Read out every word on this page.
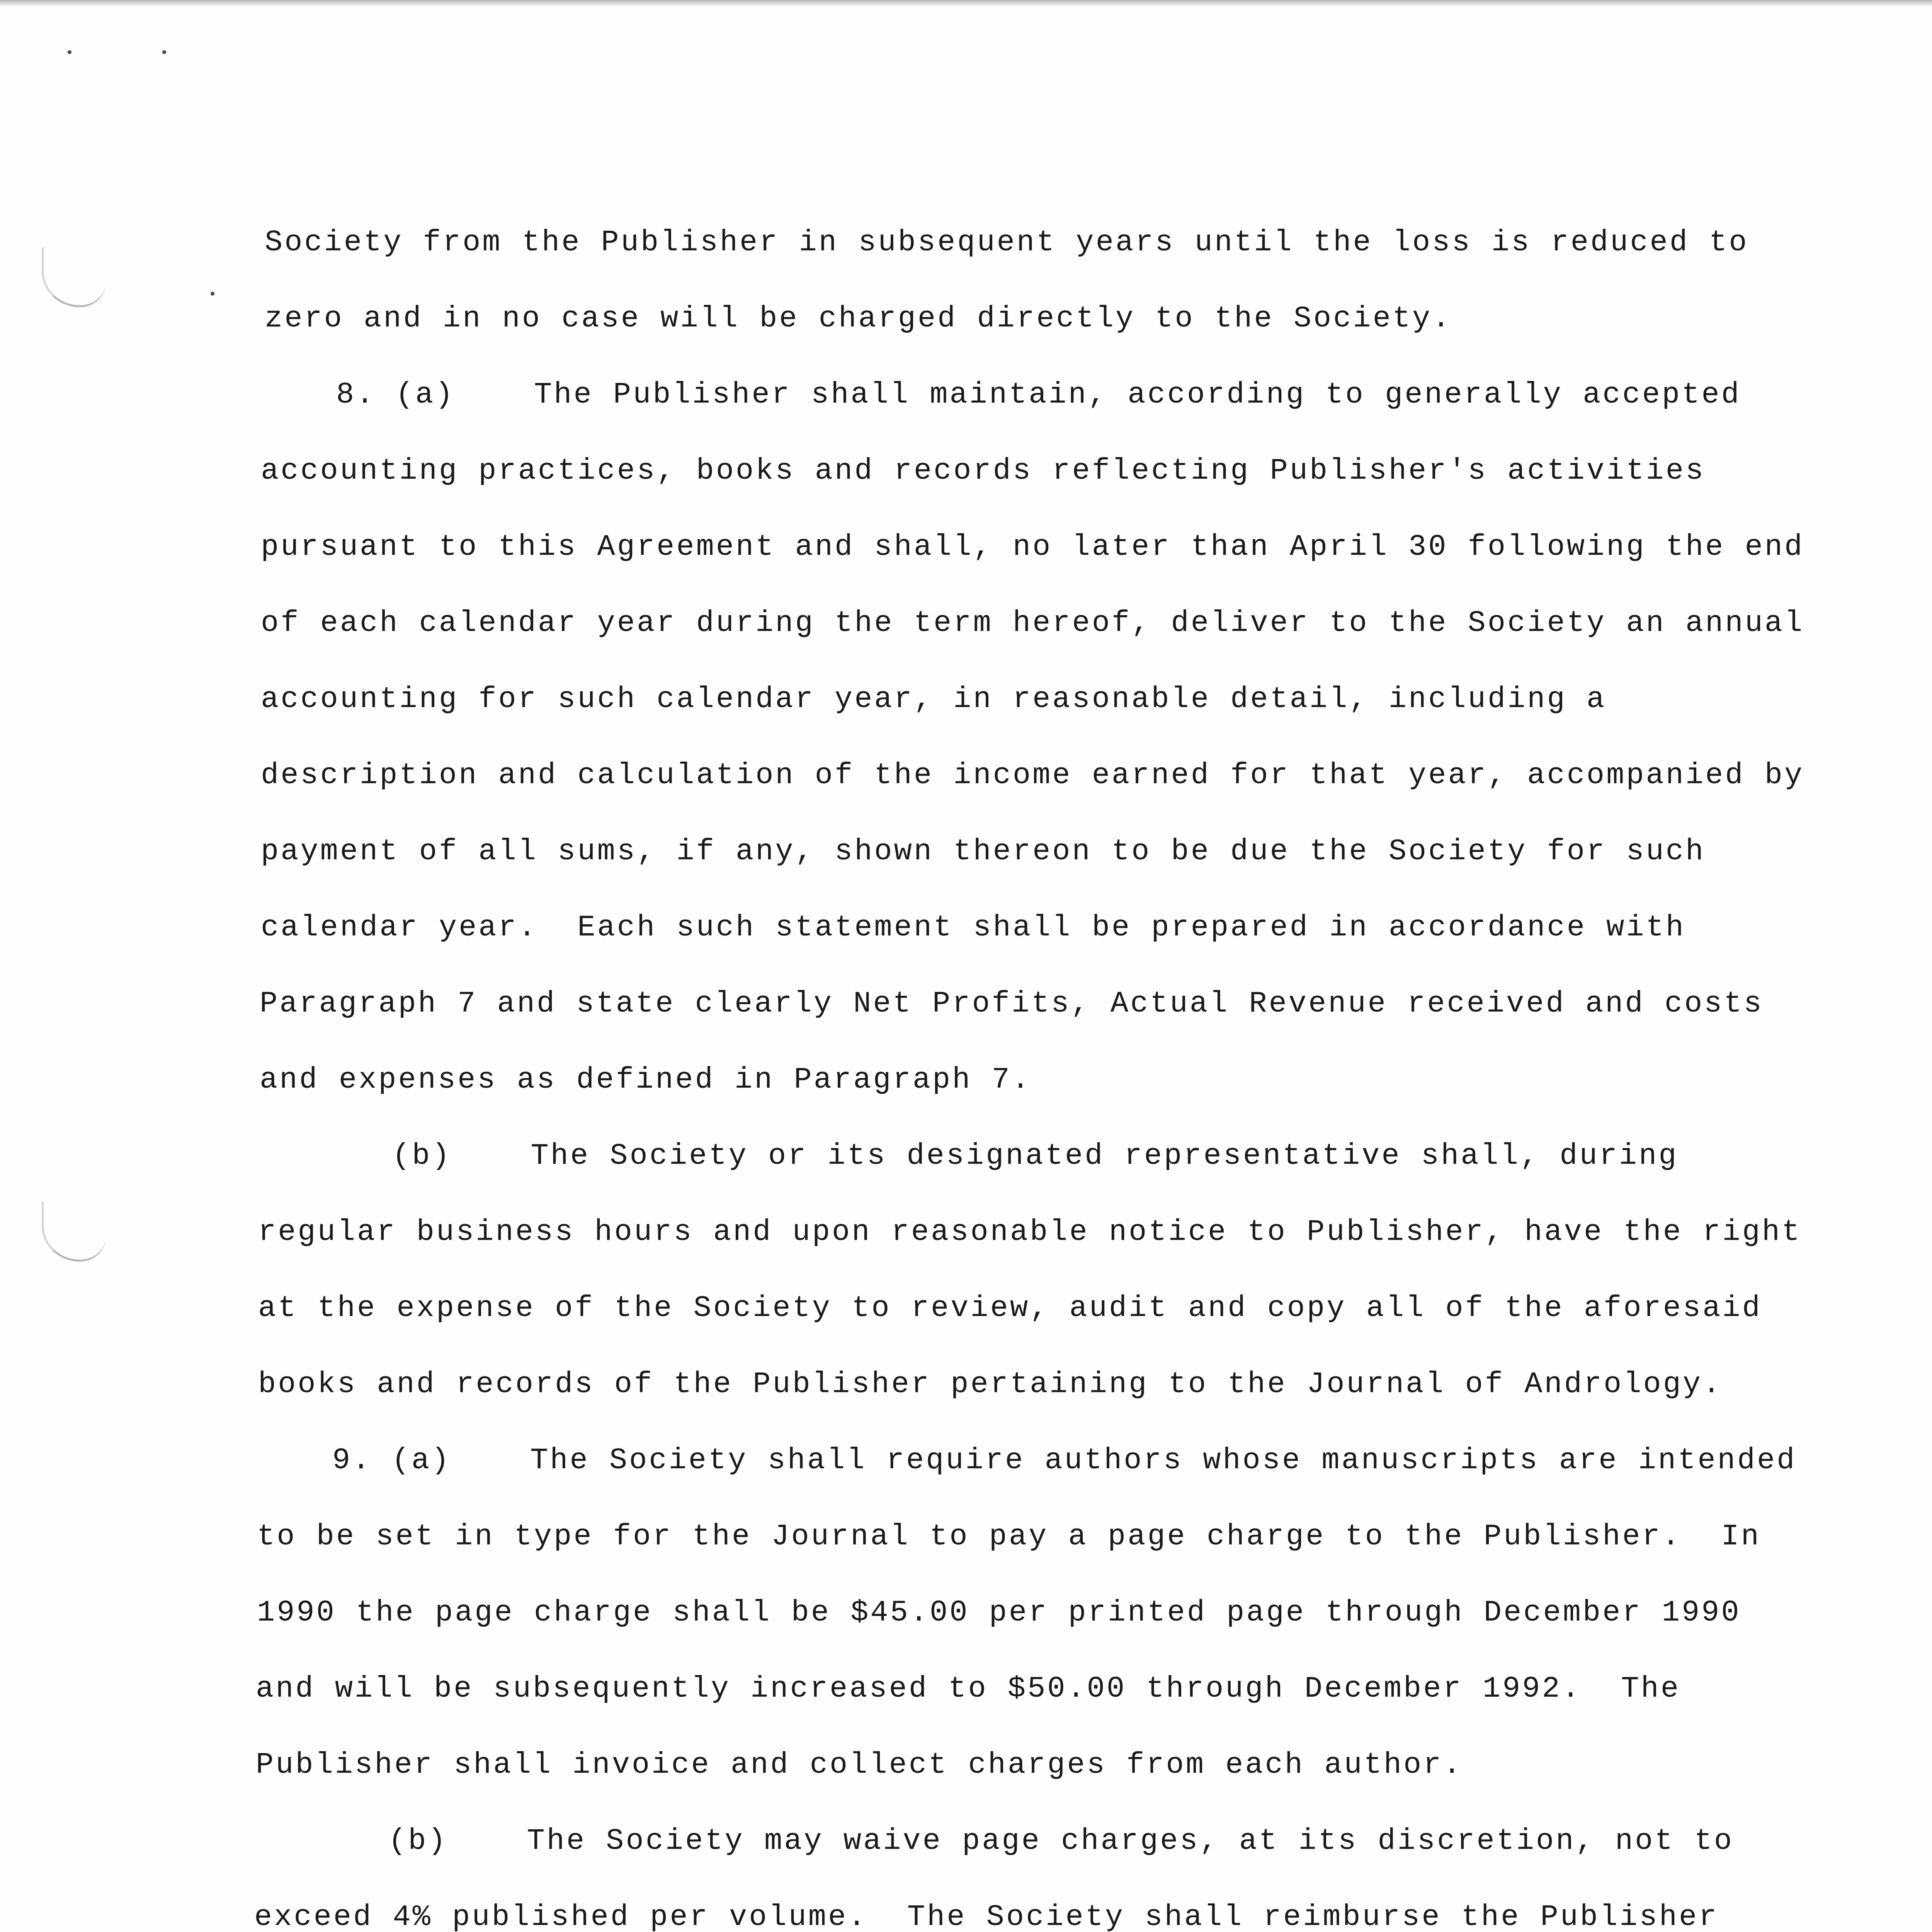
Society from the Publisher in subsequent years until the loss is reduced to

zero and in no case will be charged directly to the Society.

8. (a)    The Publisher shall maintain, according to generally accepted

accounting practices, books and records reflecting Publisher's activities

pursuant to this Agreement and shall, no later than April 30 following the end

of each calendar year during the term hereof, deliver to the Society an annual

accounting for such calendar year, in reasonable detail, including a

description and calculation of the income earned for that year, accompanied by

payment of all sums, if any, shown thereon to be due the Society for such

calendar year.  Each such statement shall be prepared in accordance with

Paragraph 7 and state clearly Net Profits, Actual Revenue received and costs

and expenses as defined in Paragraph 7.

(b)    The Society or its designated representative shall, during

regular business hours and upon reasonable notice to Publisher, have the right

at the expense of the Society to review, audit and copy all of the aforesaid

books and records of the Publisher pertaining to the Journal of Andrology.

9. (a)    The Society shall require authors whose manuscripts are intended

to be set in type for the Journal to pay a page charge to the Publisher.  In

1990 the page charge shall be $45.00 per printed page through December 1990

and will be subsequently increased to $50.00 through December 1992.  The

Publisher shall invoice and collect charges from each author.

(b)    The Society may waive page charges, at its discretion, not to

exceed 4% published per volume.  The Society shall reimburse the Publisher
